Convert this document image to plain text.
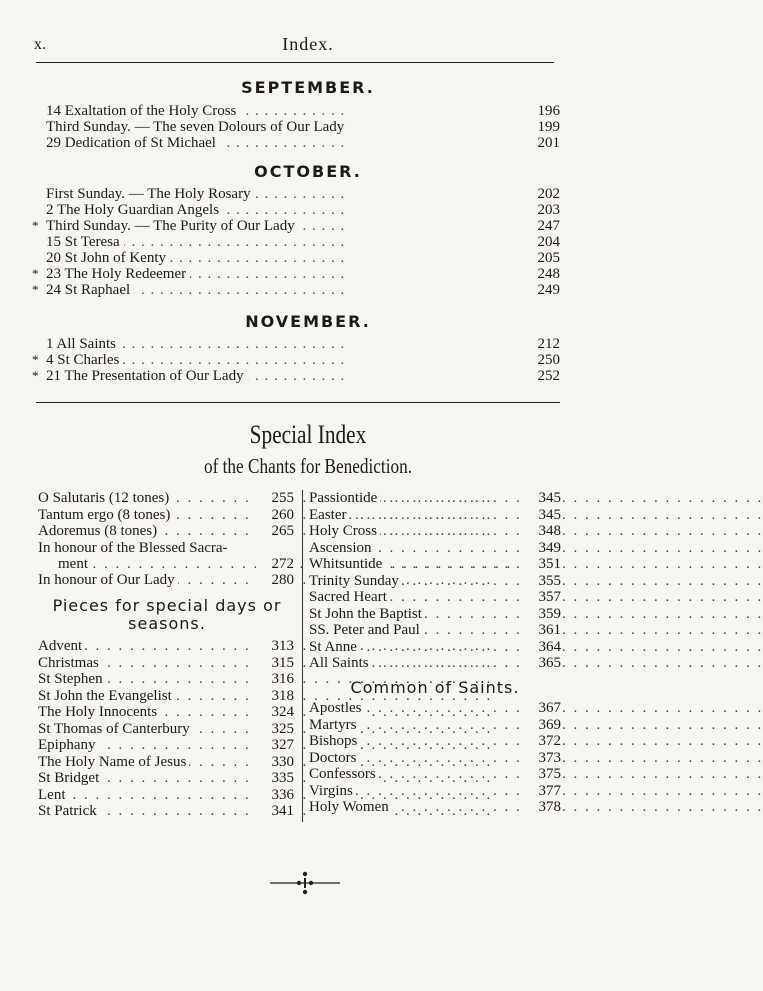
x.	Index.
SEPTEMBER.
. .
14 Exaltation of the Holy Cross	196
. .
Third Sunday. — The seven Dolours of Our Lady	199
. .
29 Dedication of St Michael	201
OCTOBER.
. .
First Sunday. — The Holy Rosary	202
. .
2 The Holy Guardian Angels	203
* . . Third Sunday. — The Purity of Our Lady	247
. .
15 St Teresa	204
. .
20 St John of Kenty	205
* . . 23 The Holy Redeemer	248
* . . 24 St Raphael	249
NOVEMBER.
. .
1 All Saints	212
* . . 4 St Charles	250
* . . 21 The Presentation of Our Lady	252
Special Index
of the Chants for Benediction.
. . .
O Salutaris (12 tones)	255
. . .
Tantum ergo (8 tones)	260
. . .
Adoremus (8 tones)	265
In honour of the Blessed Sacra-
. . .
ment	272
. . .
In honour of Our Lady	280
Pieces for special days or
seasons.
. . .
Advent	313
. . .
Christmas	315
. . .
St Stephen	316
. . .
St John the Evangelist	318
. . .
The Holy Innocents	324
. . .
St Thomas of Canterbury	325
. . .
Epiphany	327
. . .
The Holy Name of Jesus	330
. . .
St Bridget	335
. . .
Lent	336
. . .
St Patrick	341
. . .
Passiontide	345
. . .
Easter	345
. . .
Holy Cross	348
. . .
Ascension	349
. . .
Whitsuntide	351
. . .
Trinity Sunday	355
. . .
Sacred Heart	357
. . .
St John the Baptist	359
. . .
SS. Peter and Paul	361
. . .
St Anne	364
. . .
All Saints	365
Common of Saints.
. . .
Apostles	367
. . .
Martyrs	369
. . .
Bishops	372
. . .
Doctors	373
. . .
Confessors	375
. . .
Virgins	377
. . .
Holy Women	378
